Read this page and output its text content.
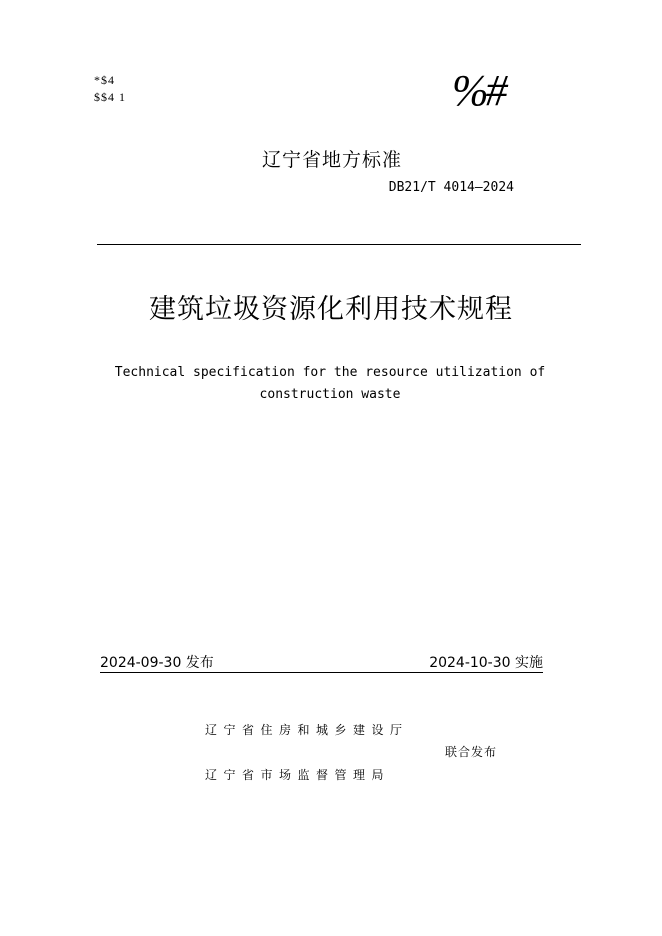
*$4
$$4 1	%#
辽宁省地方标准
DB21/T 4014—2024
建筑垃圾资源化利用技术规程
Technical specification for the resource utilization of
construction waste
2024-09-30 发布	2024-10-30 实施
辽宁省住房和城乡建设厅
联合发布
辽宁省市场监督管理局
